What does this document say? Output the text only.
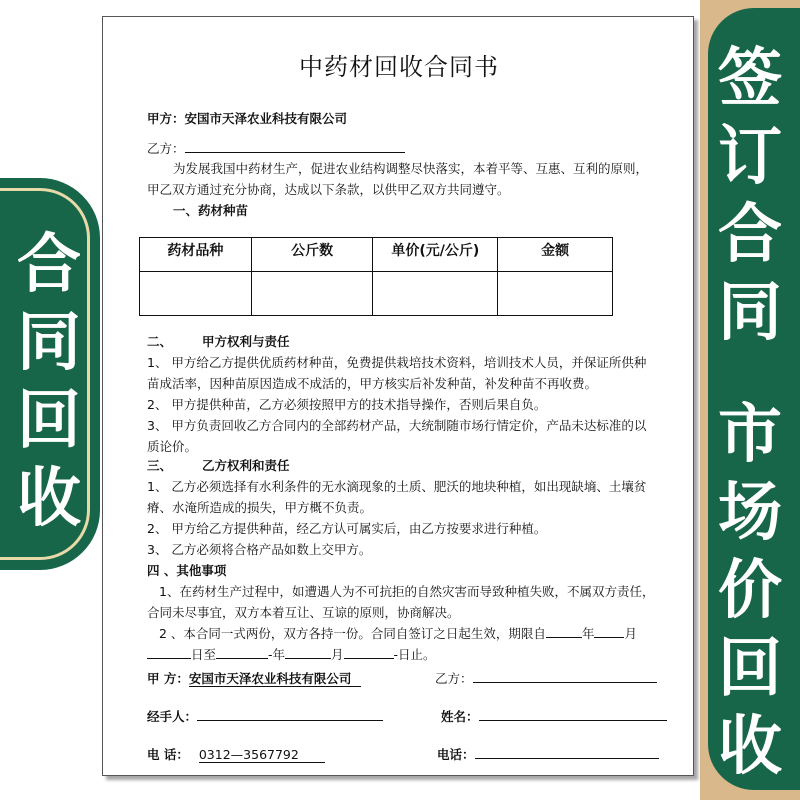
合
同
回
收
签
订
合
同
市
场
价
回
收
中药材回收合同书
甲方：安国市天泽农业科技有限公司
乙方：
为发展我国中药材生产，促进农业结构调整尽快落实，本着平等、互惠、互利的原则，
甲乙双方通过充分协商，达成以下条款，以供甲乙双方共同遵守。
一、药材种苗
药材品种	公斤数	单价(元/公斤)	金额

二、 甲方权利与责任
1、 甲方给乙方提供优质药材种苗，免费提供栽培技术资料，培训技术人员，并保证所供种
苗成活率，因种苗原因造成不成活的，甲方核实后补发种苗，补发种苗不再收费。
2、 甲方提供种苗，乙方必须按照甲方的技术指导操作，否则后果自负。
3、 甲方负责回收乙方合同内的全部药材产品，大统制随市场行情定价，产品未达标准的以
质论价。
三、 乙方权利和责任
1、 乙方必须选择有水利条件的无水滴现象的土质、肥沃的地块种植，如出现缺墒、土壤贫
瘠、水淹所造成的损失，甲方概不负责。
2、 甲方给乙方提供种苗，经乙方认可属实后，由乙方按要求进行种植。
3、 乙方必须将合格产品如数上交甲方。
四 、其他事项
1、在药材生产过程中，如遭遇人为不可抗拒的自然灾害而导致种植失败，不属双方责任，
合同未尽事宜，双方本着互让、互谅的原则，协商解决。
2 、本合同一式两份，双方各持一份。合同自签订之日起生效，期限自	年 月
日至	-年	月	-日止。
甲 方：安国市天泽农业科技有限公司	乙方：
经手人：	姓名：
电 话： 0312—3567792	电话：
